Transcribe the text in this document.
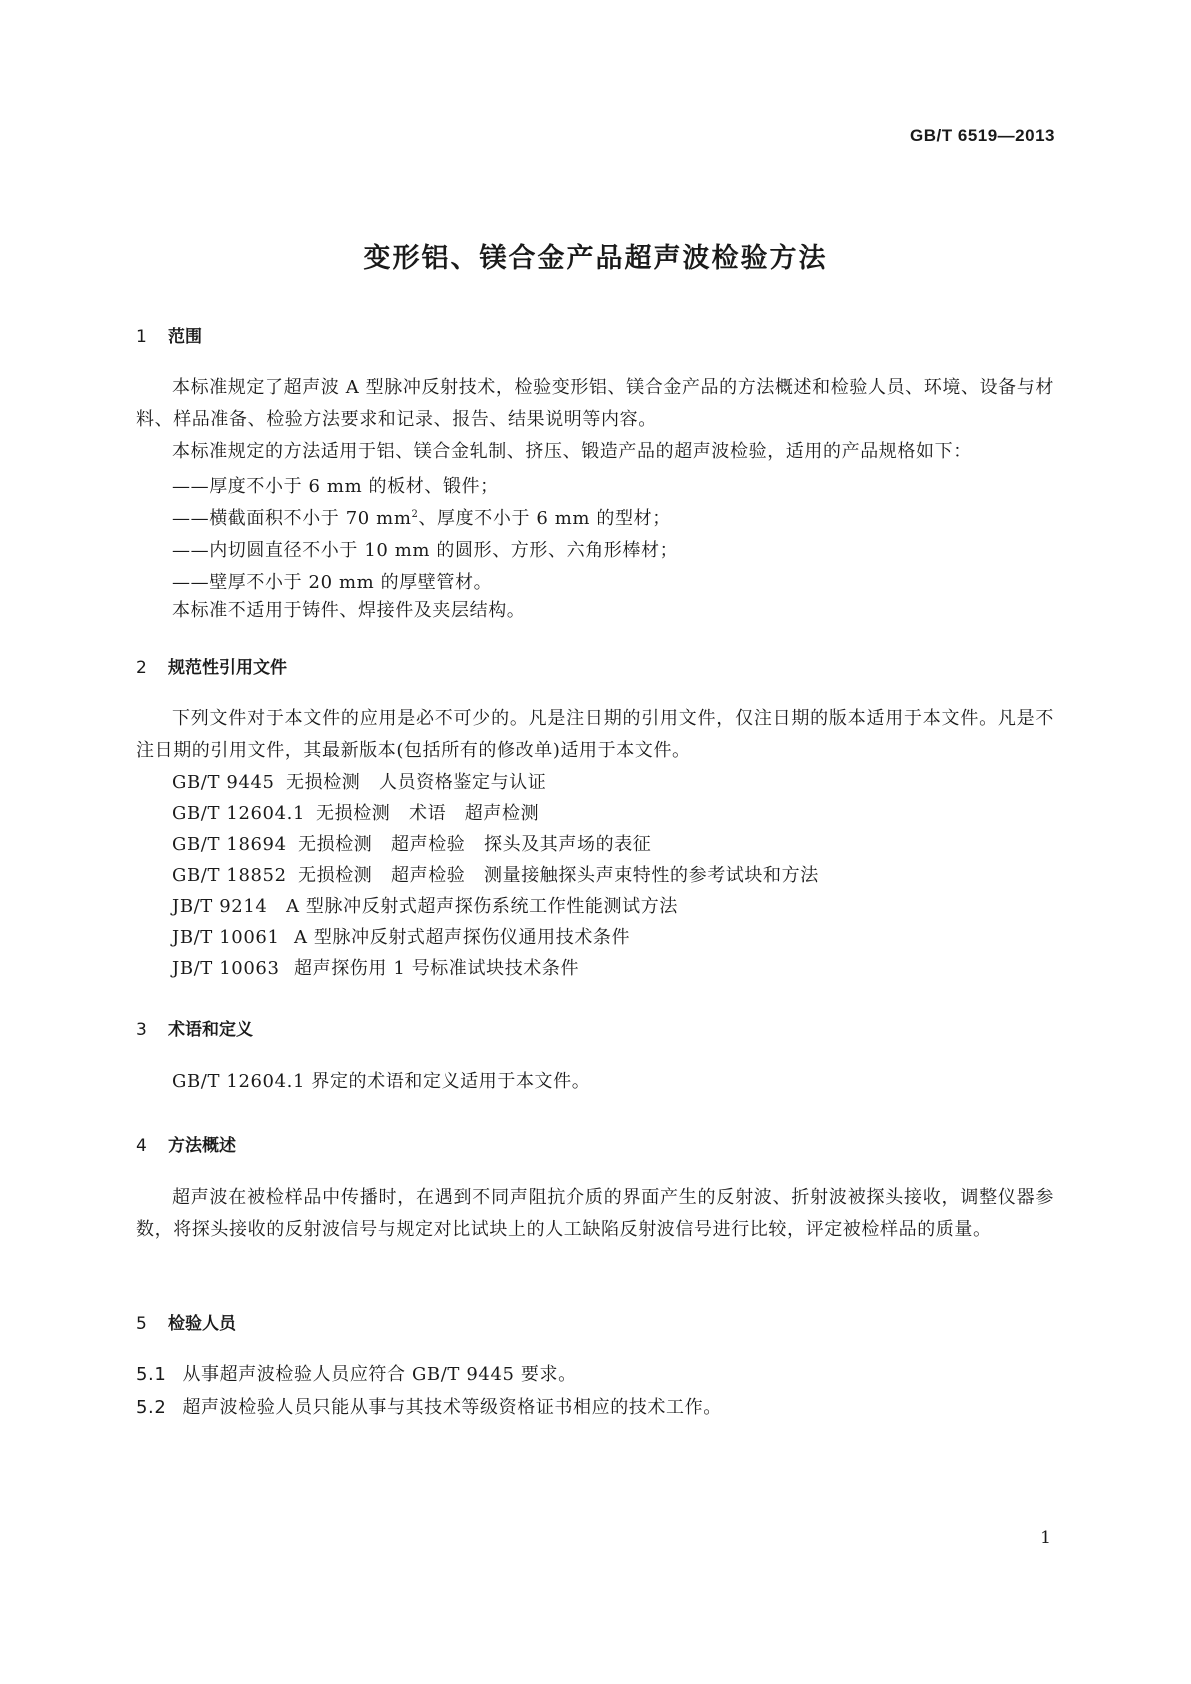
GB/T 6519—2013
变形铝、镁合金产品超声波检验方法
1 范围
本标准规定了超声波 A 型脉冲反射技术，检验变形铝、镁合金产品的方法概述和检验人员、环境、设备与材料、样品准备、检验方法要求和记录、报告、结果说明等内容。
本标准规定的方法适用于铝、镁合金轧制、挤压、锻造产品的超声波检验，适用的产品规格如下：
——厚度不小于 6 mm 的板材、锻件；
——横截面积不小于 70 $mm^2$、厚度不小于 6 mm 的型材；
——内切圆直径不小于 10 mm 的圆形、方形、六角形棒材；
——壁厚不小于 20 mm 的厚壁管材。
本标准不适用于铸件、焊接件及夹层结构。
2 规范性引用文件
下列文件对于本文件的应用是必不可少的。凡是注日期的引用文件，仅注日期的版本适用于本文件。凡是不注日期的引用文件，其最新版本(包括所有的修改单)适用于本文件。
GB/T 9445 无损检测　人员资格鉴定与认证
GB/T 12604.1 无损检测　术语　超声检测
GB/T 18694 无损检测　超声检验　探头及其声场的表征
GB/T 18852 无损检测　超声检验　测量接触探头声束特性的参考试块和方法
JB/T 9214 A 型脉冲反射式超声探伤系统工作性能测试方法
JB/T 10061 A 型脉冲反射式超声探伤仪通用技术条件
JB/T 10063 超声探伤用 1 号标准试块技术条件
3 术语和定义
GB/T 12604.1 界定的术语和定义适用于本文件。
4 方法概述
超声波在被检样品中传播时，在遇到不同声阻抗介质的界面产生的反射波、折射波被探头接收，调整仪器参数，将探头接收的反射波信号与规定对比试块上的人工缺陷反射波信号进行比较，评定被检样品的质量。
5 检验人员
5.1 从事超声波检验人员应符合 GB/T 9445 要求。
5.2 超声波检验人员只能从事与其技术等级资格证书相应的技术工作。
1
